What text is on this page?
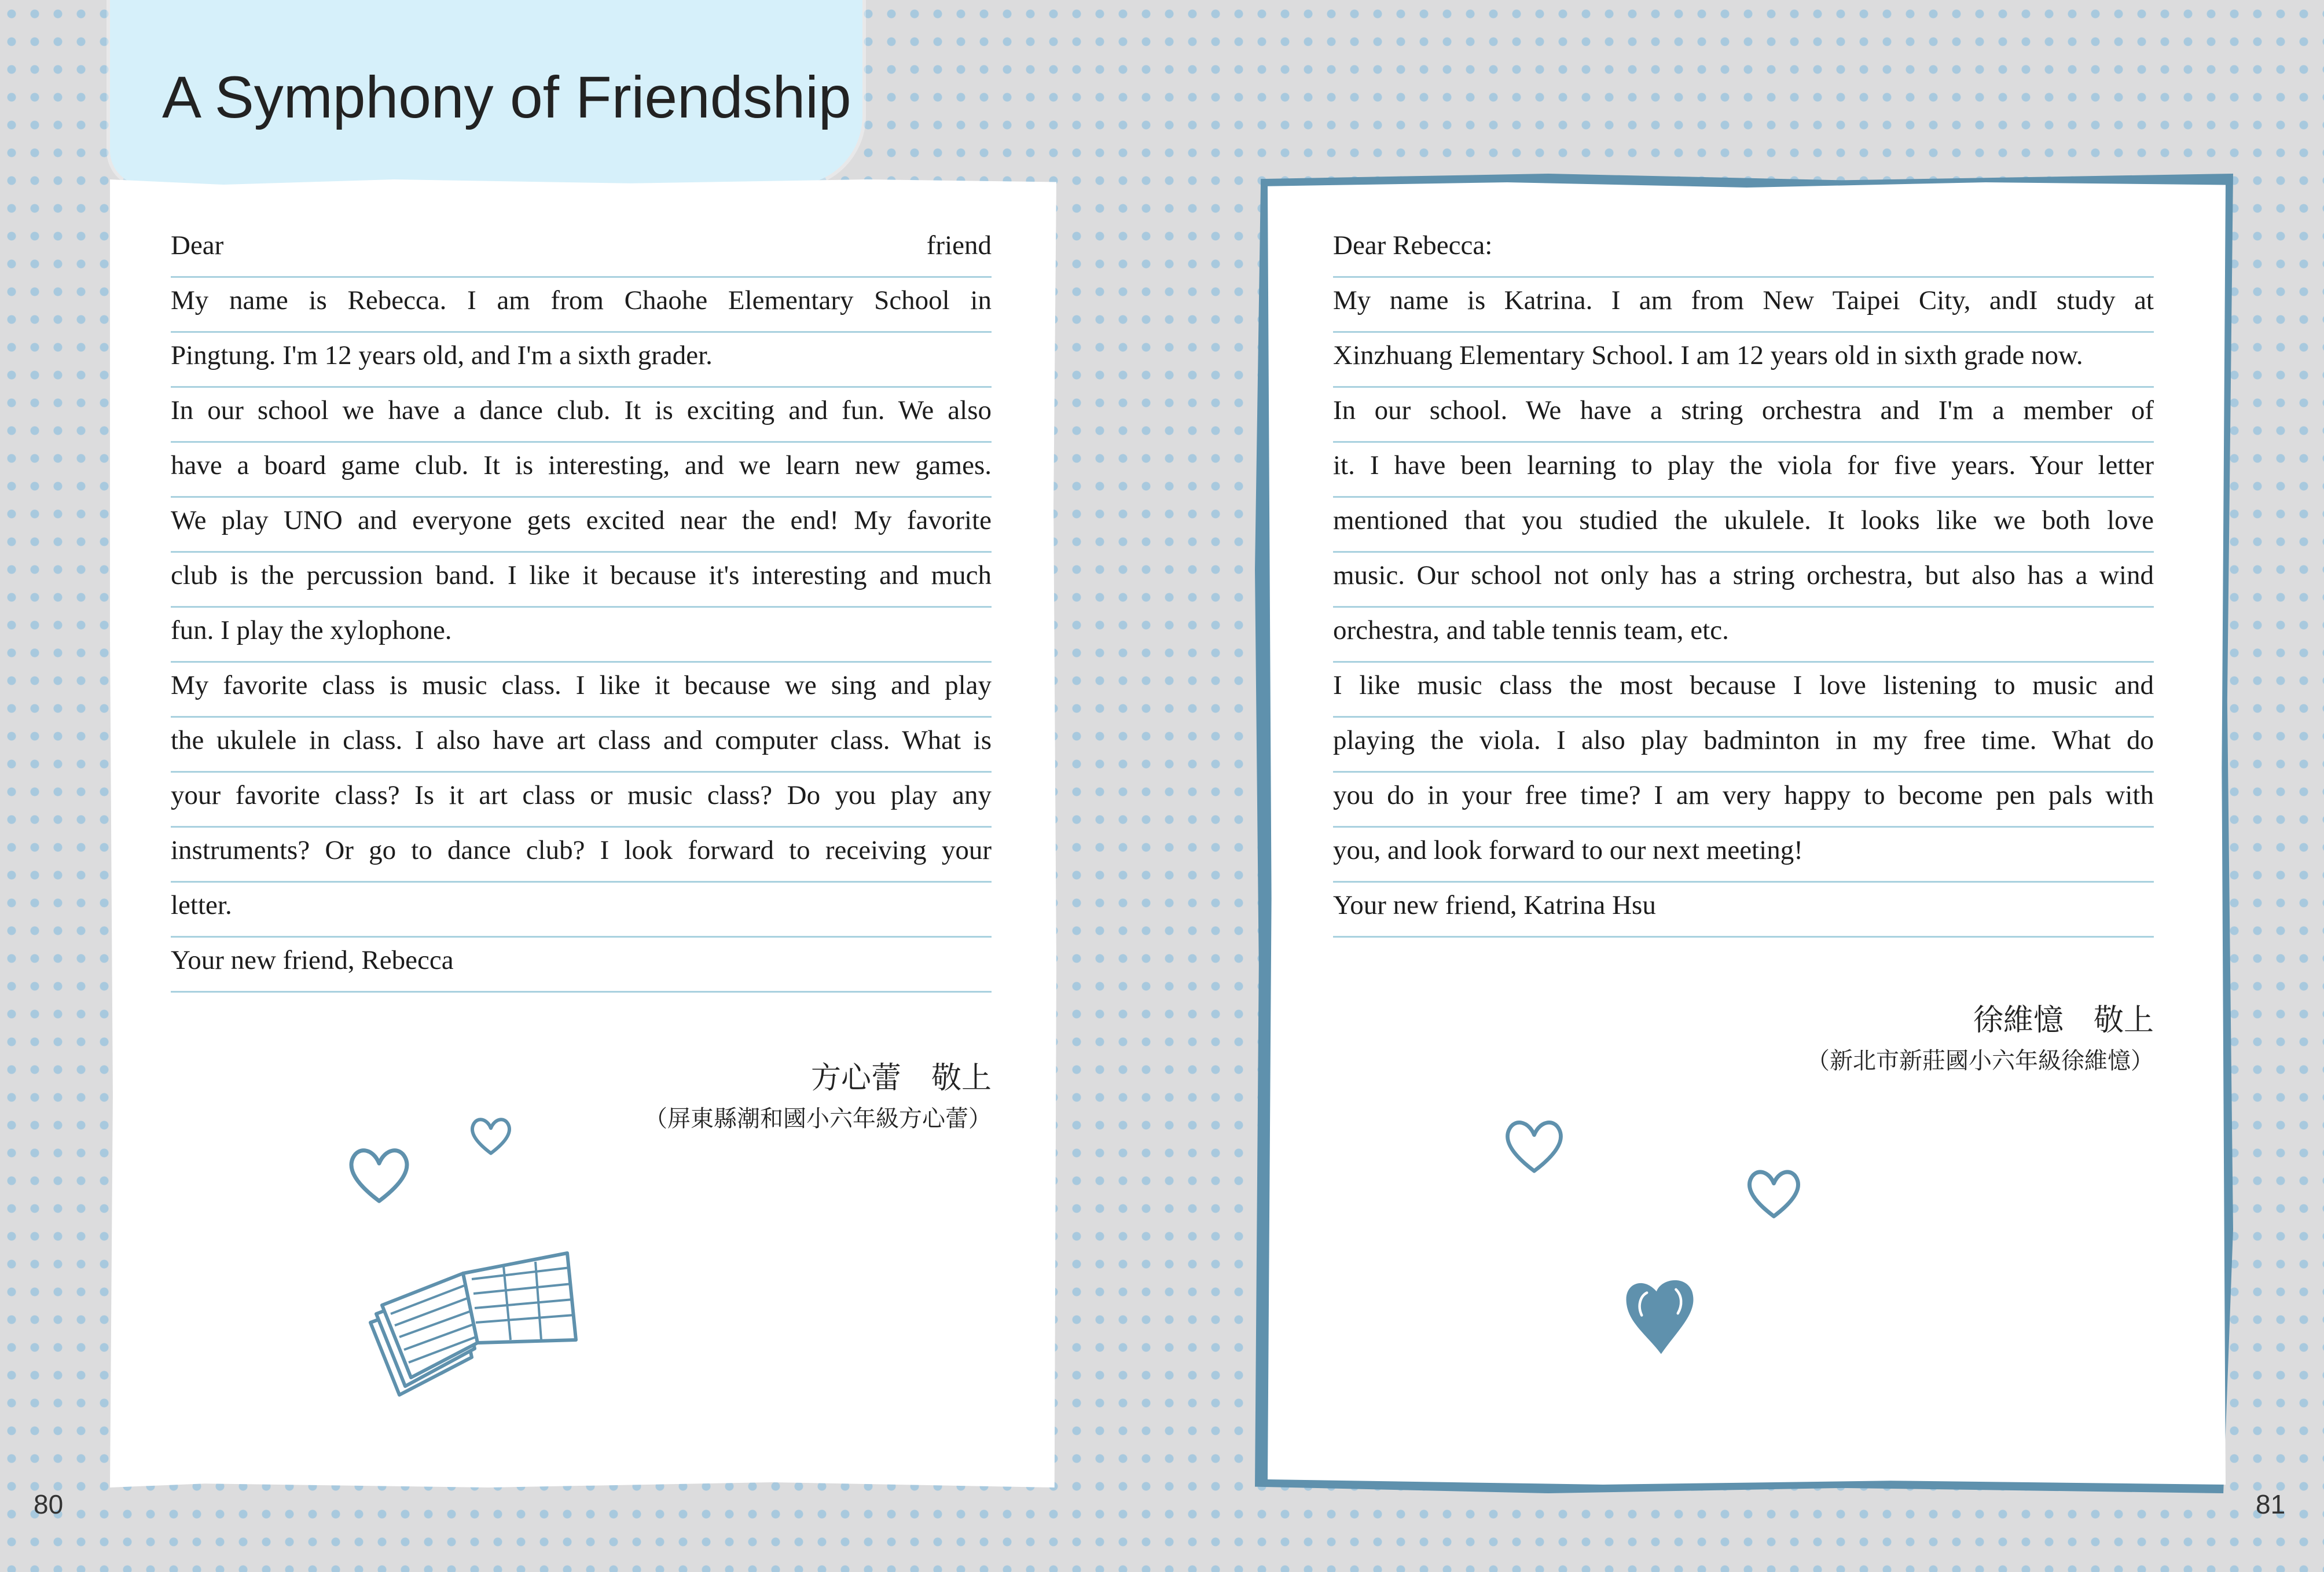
A Symphony of Friendship
Dear friend
My name is Rebecca. I am from Chaohe Elementary School in
Pingtung. I'm 12 years old, and I'm a sixth grader.
In our school we have a dance club. It is exciting and fun. We also
have a board game club. It is interesting, and we learn new games.
We play UNO and everyone gets excited near the end! My favorite
club is the percussion band. I like it because it's interesting and much
fun. I play the xylophone.
My favorite class is music class. I like it because we sing and play
the ukulele in class. I also have art class and computer class. What is
your favorite class? Is it art class or music class? Do you play any
instruments? Or go to dance club? I look forward to receiving your
letter.
Your new friend, Rebecca
Dear Rebecca:
My name is Katrina. I am from New Taipei City, andI study at
Xinzhuang Elementary School. I am 12 years old in sixth grade now.
In our school. We have a string orchestra and I'm a member of
it. I have been learning to play the viola for five years. Your letter
mentioned that you studied the ukulele. It looks like we both love
music. Our school not only has a string orchestra, but also has a wind
orchestra, and table tennis team, etc.
I like music class the most because I love listening to music and
playing the viola. I also play badminton in my free time. What do
you do in your free time? I am very happy to become pen pals with
you, and look forward to our next meeting!
Your new friend, Katrina Hsu
方心蕾　敬上
（屏東縣潮和國小六年級方心蕾）
徐維憶　敬上
（新北市新莊國小六年級徐維憶）
80	81
